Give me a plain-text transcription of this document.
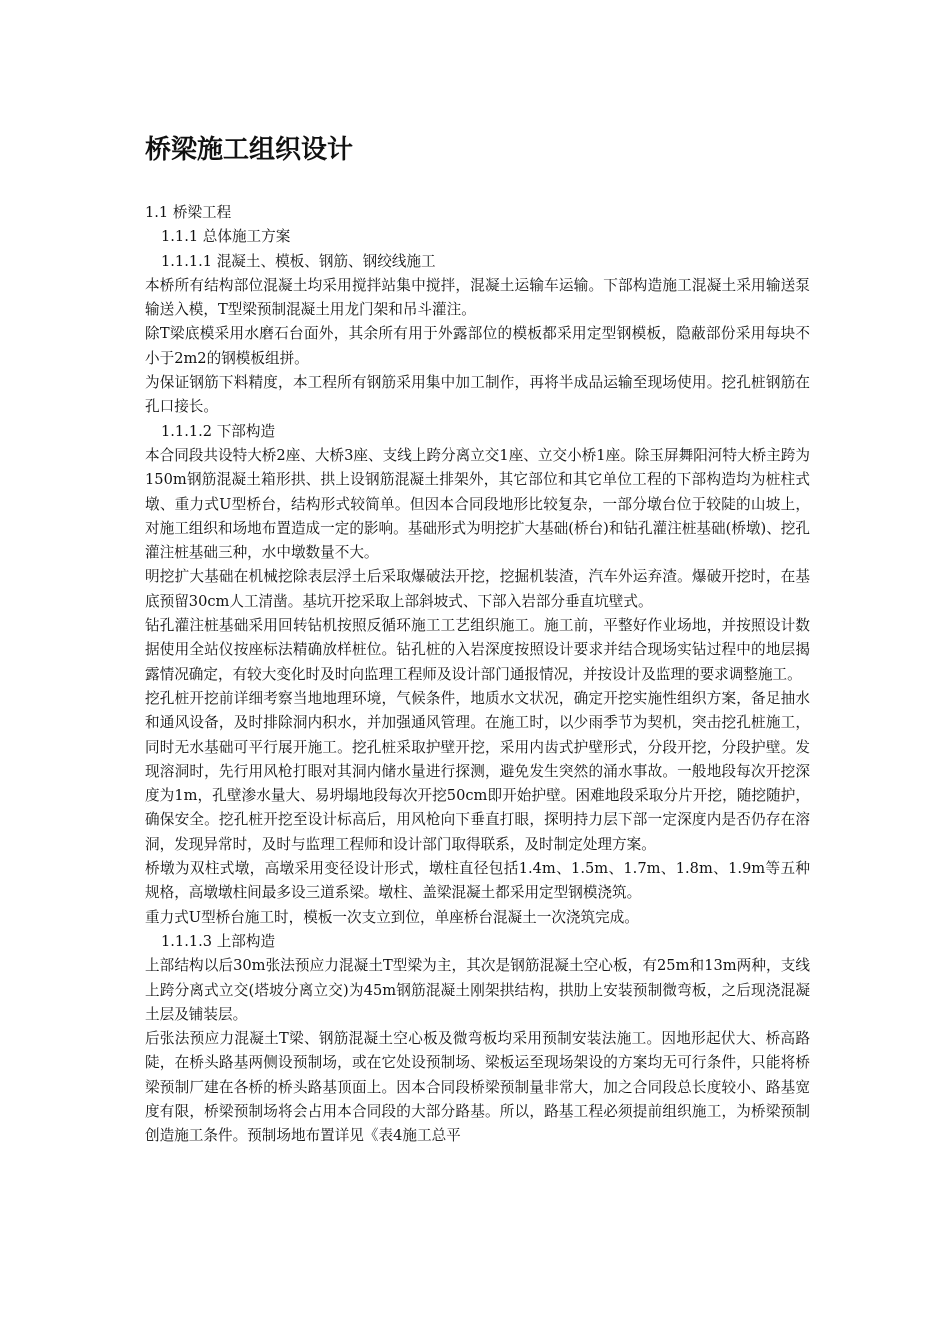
桥梁施工组织设计
1.1 桥梁工程
1.1.1 总体施工方案
1.1.1.1 混凝土、模板、钢筋、钢绞线施工

本桥所有结构部位混凝土均采用搅拌站集中搅拌，混凝土运输车运输。下部构造施工混凝土采用输送泵输送入模，T型梁预制混凝土用龙门架和吊斗灌注。

除T梁底模采用水磨石台面外，其余所有用于外露部位的模板都采用定型钢模板，隐蔽部份采用每块不小于2m2的钢模板组拼。

为保证钢筋下料精度，本工程所有钢筋采用集中加工制作，再将半成品运输至现场使用。挖孔桩钢筋在孔口接长。

1.1.1.2 下部构造

本合同段共设特大桥2座、大桥3座、支线上跨分离立交1座、立交小桥1座。除玉屏舞阳河特大桥主跨为150m钢筋混凝土箱形拱、拱上设钢筋混凝土排架外，其它部位和其它单位工程的下部构造均为桩柱式墩、重力式U型桥台，结构形式较简单。但因本合同段地形比较复杂，一部分墩台位于较陡的山坡上，对施工组织和场地布置造成一定的影响。基础形式为明挖扩大基础(桥台)和钻孔灌注桩基础(桥墩)、挖孔灌注桩基础三种，水中墩数量不大。

明挖扩大基础在机械挖除表层浮土后采取爆破法开挖，挖掘机装渣，汽车外运弃渣。爆破开挖时，在基底预留30cm人工清凿。基坑开挖采取上部斜坡式、下部入岩部分垂直坑壁式。

钻孔灌注桩基础采用回转钻机按照反循环施工工艺组织施工。施工前，平整好作业场地，并按照设计数据使用全站仪按座标法精确放样桩位。钻孔桩的入岩深度按照设计要求并结合现场实钻过程中的地层揭露情况确定，有较大变化时及时向监理工程师及设计部门通报情况，并按设计及监理的要求调整施工。

挖孔桩开挖前详细考察当地地理环境，气候条件，地质水文状况，确定开挖实施性组织方案，备足抽水和通风设备，及时排除洞内积水，并加强通风管理。在施工时，以少雨季节为契机，突击挖孔桩施工，同时无水基础可平行展开施工。挖孔桩采取护壁开挖，采用内齿式护壁形式，分段开挖，分段护壁。发现溶洞时，先行用风枪打眼对其洞内储水量进行探测，避免发生突然的涌水事故。一般地段每次开挖深度为1m，孔壁渗水量大、易坍塌地段每次开挖50cm即开始护壁。困难地段采取分片开挖，随挖随护，确保安全。挖孔桩开挖至设计标高后，用风枪向下垂直打眼，探明持力层下部一定深度内是否仍存在溶洞，发现异常时，及时与监理工程师和设计部门取得联系，及时制定处理方案。

桥墩为双柱式墩，高墩采用变径设计形式，墩柱直径包括1.4m、1.5m、1.7m、1.8m、1.9m等五种规格，高墩墩柱间最多设三道系梁。墩柱、盖梁混凝土都采用定型钢模浇筑。

重力式U型桥台施工时，模板一次支立到位，单座桥台混凝土一次浇筑完成。

1.1.1.3 上部构造

上部结构以后30m张法预应力混凝土T型梁为主，其次是钢筋混凝土空心板，有25m和13m两种，支线上跨分离式立交(塔坡分离立交)为45m钢筋混凝土刚架拱结构，拱肋上安装预制微弯板，之后现浇混凝土层及铺装层。

后张法预应力混凝土T梁、钢筋混凝土空心板及微弯板均采用预制安装法施工。因地形起伏大、桥高路陡，在桥头路基两侧设预制场，或在它处设预制场、梁板运至现场架设的方案均无可行条件，只能将桥梁预制厂建在各桥的桥头路基顶面上。因本合同段桥梁预制量非常大，加之合同段总长度较小、路基宽度有限，桥梁预制场将会占用本合同段的大部分路基。所以，路基工程必须提前组织施工，为桥梁预制创造施工条件。预制场地布置详见《表4施工总平
